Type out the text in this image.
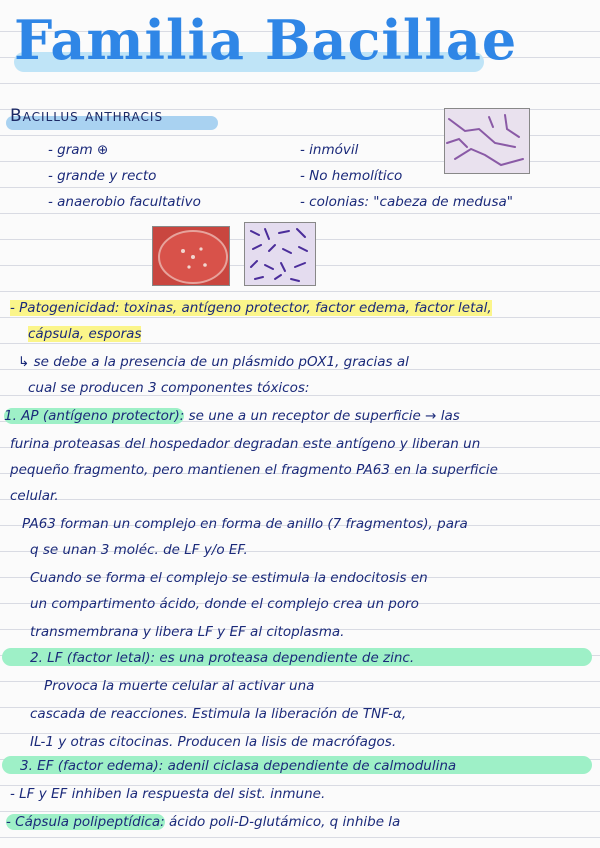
Familia Bacillae
Bacillus anthracis
- gram ⊕
- grande y recto
- anaerobio facultativo
- inmóvil
- No hemolítico
- colonias: "cabeza de medusa"
- Patogenicidad: toxinas, antígeno protector, factor edema, factor letal,
cápsula, esporas
↳ se debe a la presencia de un plásmido pOX1, gracias al
cual se producen 3 componentes tóxicos:
1. AP (antígeno protector): se une a un receptor de superficie → las
furina proteasas del hospedador degradan este antígeno y liberan un
pequeño fragmento, pero mantienen el fragmento PA63 en la superficie
celular.
PA63 forman un complejo en forma de anillo (7 fragmentos), para
q se unan 3 moléc. de LF y/o EF.
Cuando se forma el complejo se estimula la endocitosis en
un compartimento ácido, donde el complejo crea un poro
transmembrana y libera LF y EF al citoplasma.
2. LF (factor letal): es una proteasa dependiente de zinc.
Provoca la muerte celular al activar una
cascada de reacciones. Estimula la liberación de TNF-α,
IL-1 y otras citocinas. Producen la lisis de macrófagos.
3. EF (factor edema): adenil ciclasa dependiente de calmodulina
- LF y EF inhiben la respuesta del sist. inmune.
- Cápsula polipeptídica: ácido poli-D-glutámico, q inhibe la
